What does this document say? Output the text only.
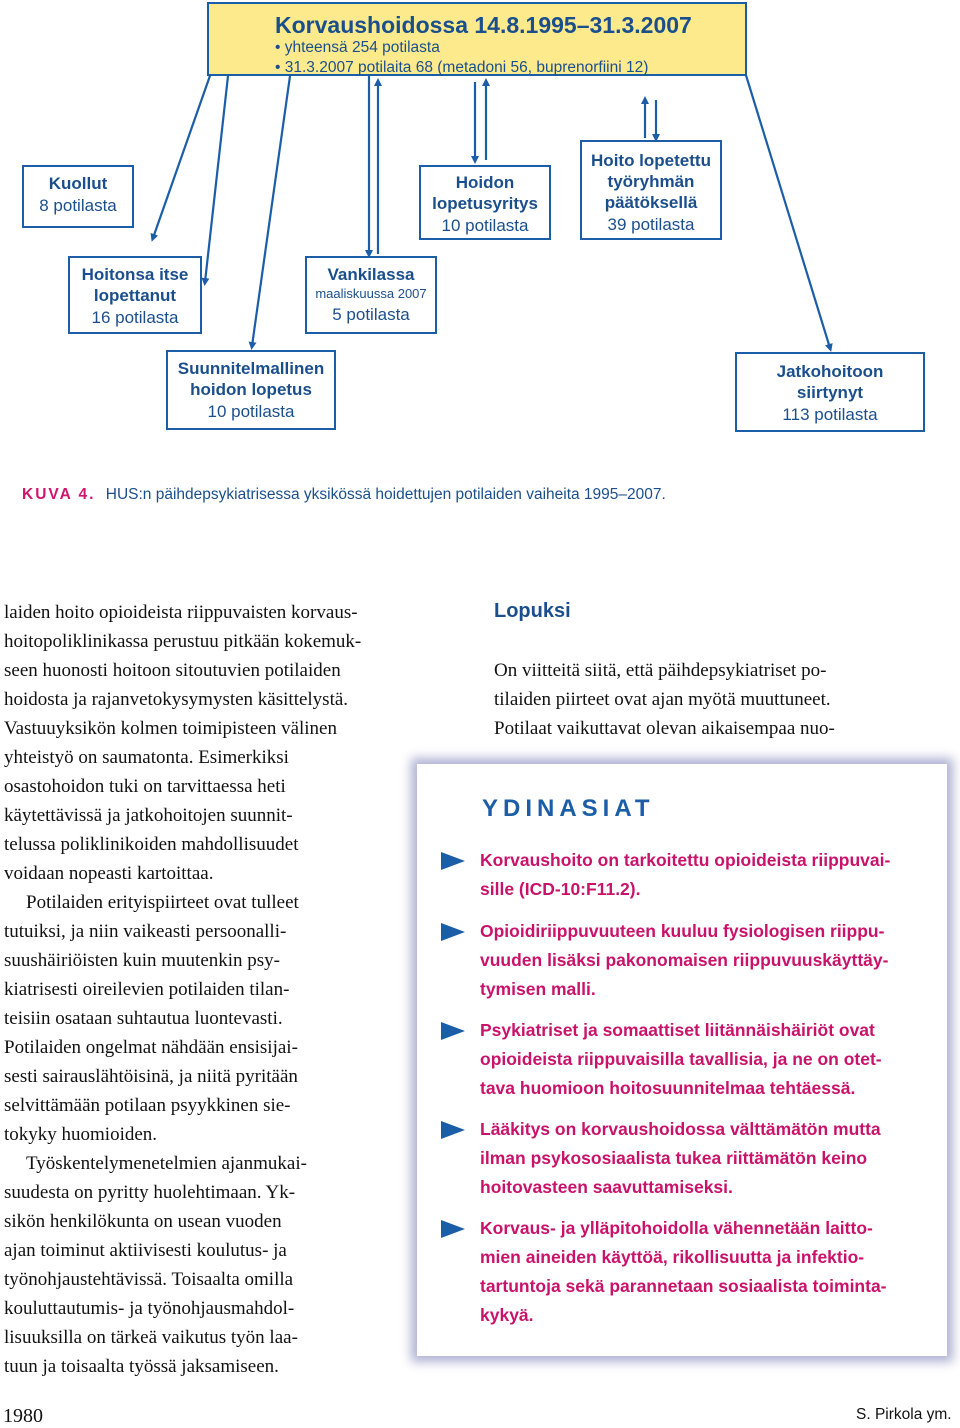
Korvaushoidossa 14.8.1995–31.3.2007
• yhteensä 254 potilasta
• 31.3.2007 potilaita 68 (metadoni 56, buprenorfiini 12)
Kuollut
8 potilasta
Hoidon
lopetusyritys
10 potilasta
Hoito lopetettu
työryhmän
päätöksellä
39 potilasta
Hoitonsa itse
lopettanut
16 potilasta
Vankilassa
maaliskuussa 2007
5 potilasta
Suunnitelmallinen
hoidon lopetus
10 potilasta
Jatkohoitoon
siirtynyt
113 potilasta
KUVA 4. HUS:n päihdepsykiatrisessa yksikössä hoidettujen potilaiden vaiheita 1995–2007.
laiden hoito opioideista riippuvaisten korvaus-
hoitopoliklinikassa perustuu pitkään kokemuk-
seen huonosti hoitoon sitoutuvien potilaiden
hoidosta ja rajanvetokysymysten käsittelystä.
Vastuuyksikön kolmen toimipisteen välinen
yhteistyö on saumatonta. Esimerkiksi
osastohoidon tuki on tarvittaessa heti
käytettävissä ja jatkohoitojen suunnit-
telussa poliklinikoiden mahdollisuudet
voidaan nopeasti kartoittaa.
Potilaiden erityispiirteet ovat tulleet
tutuiksi, ja niin vaikeasti persoonalli-
suushäiriöisten kuin muutenkin psy-
kiatrisesti oireilevien potilaiden tilan-
teisiin osataan suhtautua luontevasti.
Potilaiden ongelmat nähdään ensisijai-
sesti sairauslähtöisinä, ja niitä pyritään
selvittämään potilaan psyykkinen sie-
tokyky huomioiden.
Työskentelymenetelmien ajanmukai-
suudesta on pyritty huolehtimaan. Yk-
sikön henkilökunta on usean vuoden
ajan toiminut aktiivisesti koulutus- ja
työnohjaustehtävissä. Toisaalta omilla
kouluttautumis- ja työnohjausmahdol-
lisuuksilla on tärkeä vaikutus työn laa-
tuun ja toisaalta työssä jaksamiseen.
Lopuksi
On viitteitä siitä, että päihdepsykiatriset po-
tilaiden piirteet ovat ajan myötä muuttuneet.
Potilaat vaikuttavat olevan aikaisempaa nuo-
YDINASIAT
Korvaushoito on tarkoitettu opioideista riippuvai-
sille (ICD-10:F11.2).
Opioidiriippuvuuteen kuuluu fysiologisen riippu-
vuuden lisäksi pakonomaisen riippuvuuskäyttäy-
tymisen malli.
Psykiatriset ja somaattiset liitännäishäiriöt ovat
opioideista riippuvaisilla tavallisia, ja ne on otet-
tava huomioon hoitosuunnitelmaa tehtäessä.
Lääkitys on korvaushoidossa välttämätön mutta
ilman psykososiaalista tukea riittämätön keino
hoitovasteen saavuttamiseksi.
Korvaus- ja ylläpitohoidolla vähennetään laitto-
mien aineiden käyttöä, rikollisuutta ja infektio-
tartuntoja sekä parannetaan sosiaalista toiminta-
kykyä.
1980	S. Pirkola ym.
